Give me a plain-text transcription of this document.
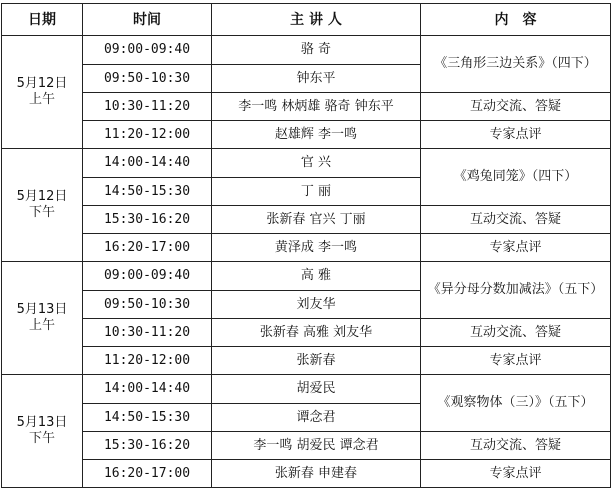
日期	时间	主 讲 人	内　容

5月12日
上午	09:00-09:40	骆 奇	《三角形三边关系》（四下）
	09:50-10:30	钟东平	
	10:30-11:20	李一鸣 林炳雄 骆奇 钟东平	互动交流、答疑
	11:20-12:00	赵雄辉 李一鸣	专家点评

5月12日
下午	14:00-14:40	官 兴	《鸡兔同笼》（四下）
	14:50-15:30	丁 丽	
	15:30-16:20	张新春 官兴 丁丽	互动交流、答疑
	16:20-17:00	黄泽成 李一鸣	专家点评

5月13日
上午	09:00-09:40	高 雅	《异分母分数加减法》（五下）
	09:50-10:30	刘友华	
	10:30-11:20	张新春 高雅 刘友华	互动交流、答疑
	11:20-12:00	张新春	专家点评

5月13日
下午	14:00-14:40	胡爱民	《观察物体（三）》（五下）
	14:50-15:30	谭念君	
	15:30-16:20	李一鸣 胡爱民 谭念君	互动交流、答疑
	16:20-17:00	张新春 申建春	专家点评
